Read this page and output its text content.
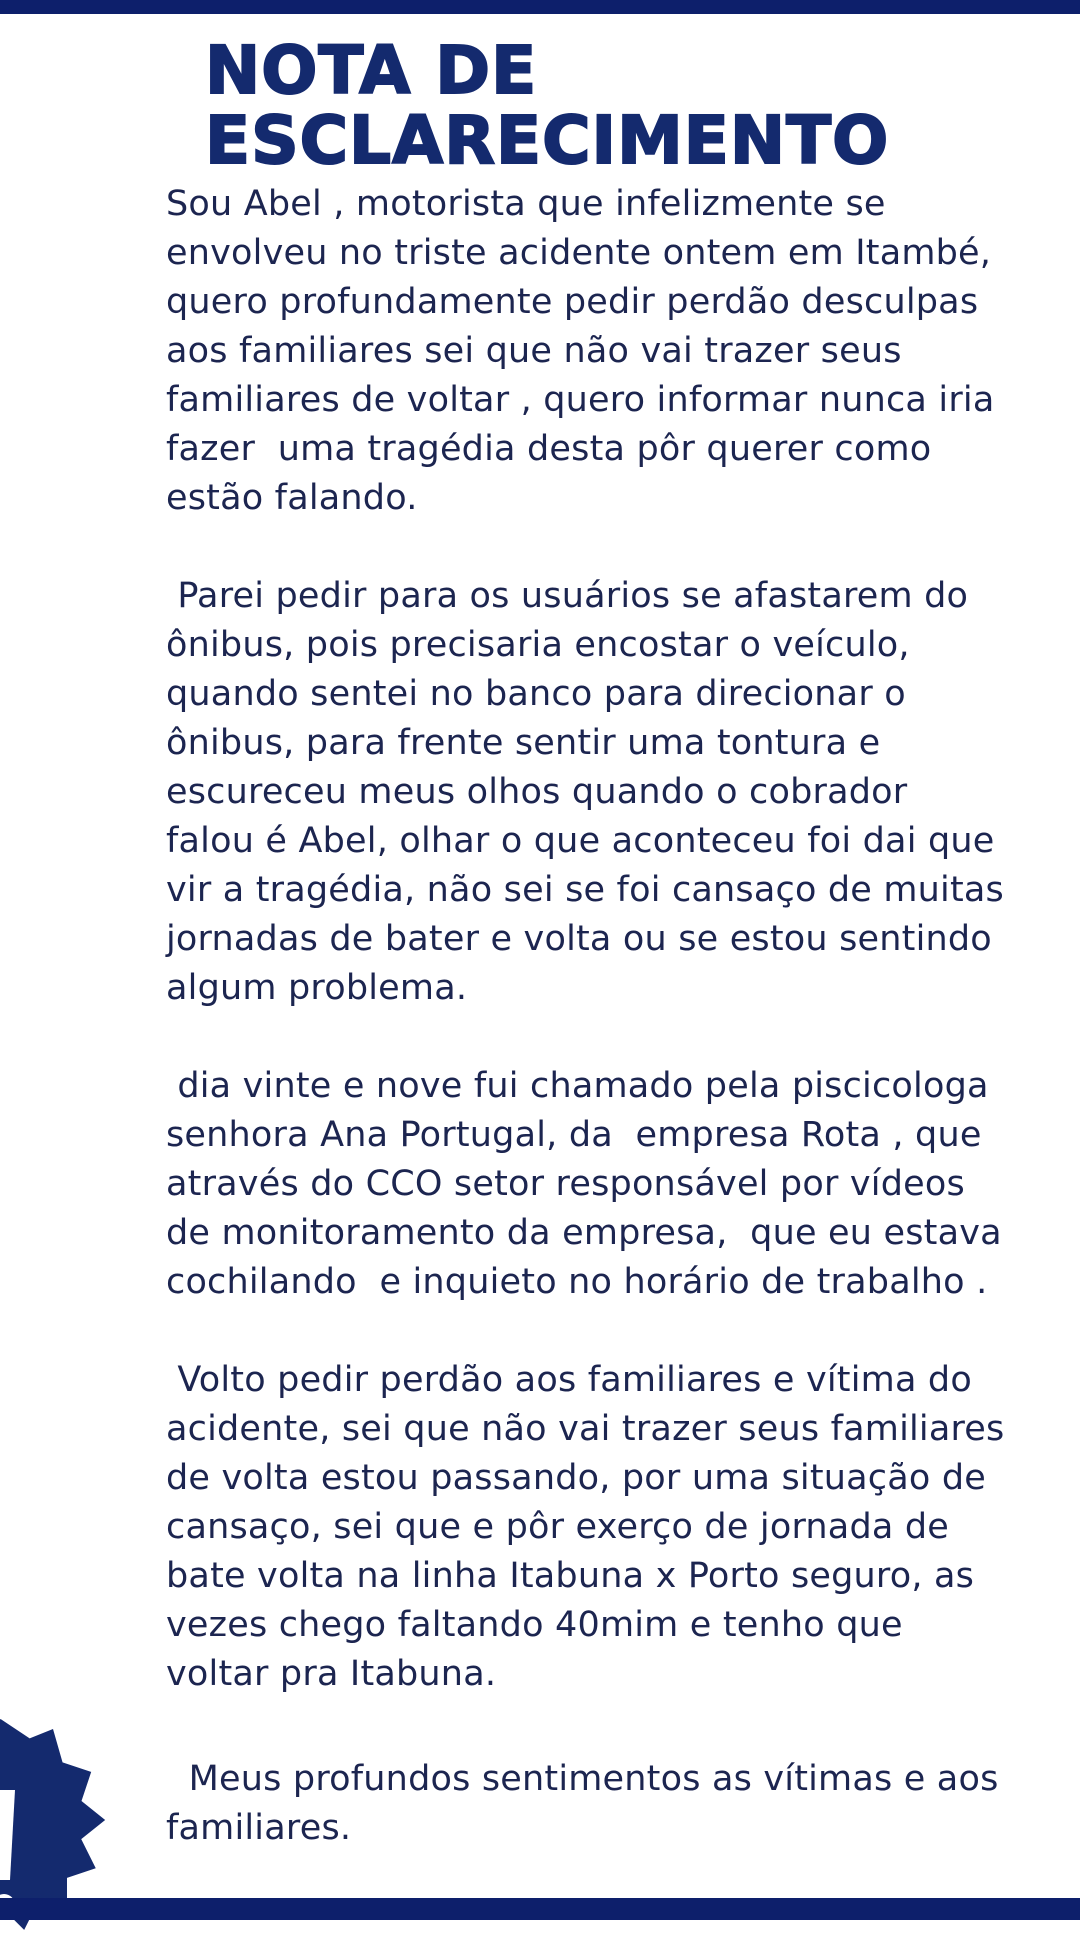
NOTA DE
ESCLARECIMENTO

Sou Abel , motorista que infelizmente se
envolveu no triste acidente ontem em Itambé,
quero profundamente pedir perdão desculpas
aos familiares sei que não vai trazer seus
familiares de voltar , quero informar nunca iria
fazer  uma tragédia desta pôr querer como
estão falando.

Parei pedir para os usuários se afastarem do
ônibus, pois precisaria encostar o veículo,
quando sentei no banco para direcionar o
ônibus, para frente sentir uma tontura e
escureceu meus olhos quando o cobrador
falou é Abel, olhar o que aconteceu foi dai que
vir a tragédia, não sei se foi cansaço de muitas
jornadas de bater e volta ou se estou sentindo
algum problema.

dia vinte e nove fui chamado pela piscicologa
senhora Ana Portugal, da  empresa Rota , que
através do CCO setor responsável por vídeos
de monitoramento da empresa,  que eu estava
cochilando  e inquieto no horário de trabalho .

Volto pedir perdão aos familiares e vítima do
acidente, sei que não vai trazer seus familiares
de volta estou passando, por uma situação de
cansaço, sei que e pôr exerço de jornada de
bate volta na linha Itabuna x Porto seguro, as
vezes chego faltando 40mim e tenho que
voltar pra Itabuna.

Meus profundos sentimentos as vítimas e aos
familiares.
